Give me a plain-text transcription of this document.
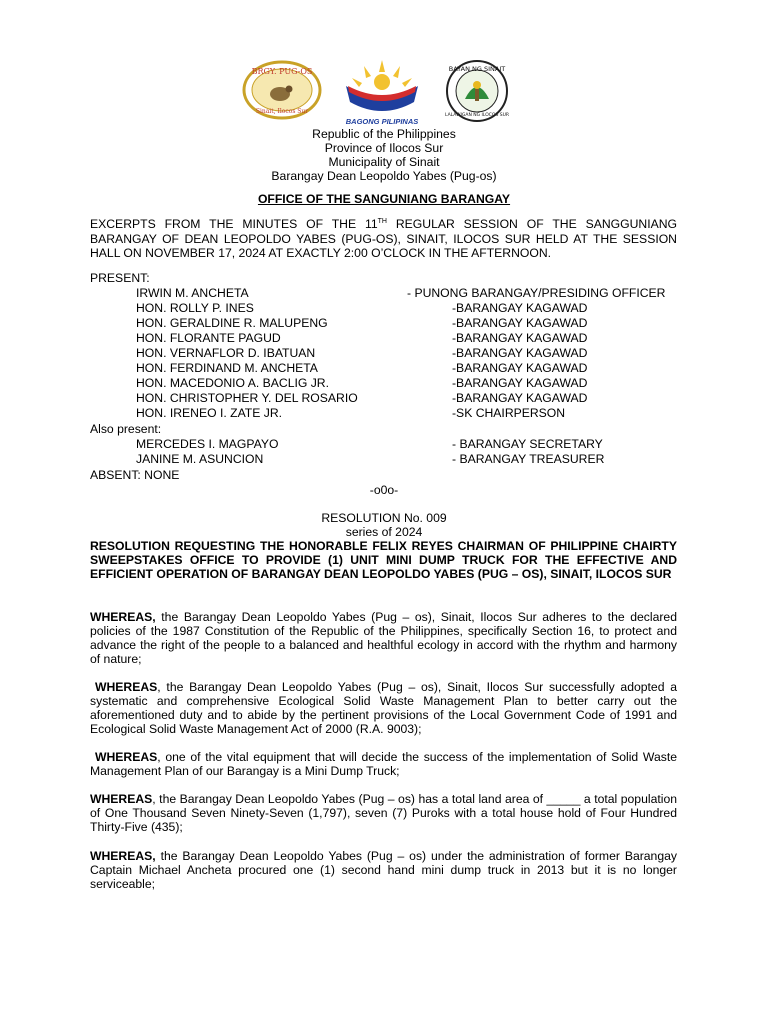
BRGY. PUG-OS
Sinait, Ilocos Sur
BAGONG PILIPINAS
BAYAN NG SINAIT
LALAWIGAN NG ILOCOS SUR
Republic of the Philippines
Province of Ilocos Sur
Municipality of Sinait
Barangay Dean Leopoldo Yabes (Pug-os)
OFFICE OF THE SANGUNIANG BARANGAY
EXCERPTS FROM THE MINUTES OF THE 11TH REGULAR SESSION OF THE SANGGUNIANG BARANGAY OF DEAN LEOPOLDO YABES (PUG-OS), SINAIT, ILOCOS SUR HELD AT THE SESSION HALL ON NOVEMBER 17, 2024 AT EXACTLY 2:00 O’CLOCK IN THE AFTERNOON.
PRESENT:
IRWIN M. ANCHETA	- PUNONG BARANGAY/PRESIDING OFFICER
HON. ROLLY P. INES	-BARANGAY KAGAWAD
HON. GERALDINE R. MALUPENG	-BARANGAY KAGAWAD
HON. FLORANTE PAGUD	-BARANGAY KAGAWAD
HON. VERNAFLOR D. IBATUAN	-BARANGAY KAGAWAD
HON. FERDINAND M. ANCHETA	-BARANGAY KAGAWAD
HON. MACEDONIO A. BACLIG JR.	-BARANGAY KAGAWAD
HON. CHRISTOPHER Y. DEL ROSARIO	-BARANGAY KAGAWAD
HON. IRENEO I. ZATE JR.	-SK CHAIRPERSON
Also present:
MERCEDES I. MAGPAYO	- BARANGAY SECRETARY
JANINE M. ASUNCION	- BARANGAY TREASURER
ABSENT: NONE
-o0o-
RESOLUTION No. 009
series of 2024
RESOLUTION REQUESTING THE HONORABLE FELIX REYES CHAIRMAN OF PHILIPPINE CHAIRTY SWEEPSTAKES OFFICE TO PROVIDE (1) UNIT MINI DUMP TRUCK FOR THE EFFECTIVE AND EFFICIENT OPERATION OF BARANGAY DEAN LEOPOLDO YABES (PUG – OS), SINAIT, ILOCOS SUR
WHEREAS, the Barangay Dean Leopoldo Yabes (Pug – os), Sinait, Ilocos Sur adheres to the declared policies of the 1987 Constitution of the Republic of the Philippines, specifically Section 16, to protect and advance the right of the people to a balanced and healthful ecology in accord with the rhythm and harmony of nature;
WHEREAS, the Barangay Dean Leopoldo Yabes (Pug – os), Sinait, Ilocos Sur successfully adopted a systematic and comprehensive Ecological Solid Waste Management Plan to better carry out the aforementioned duty and to abide by the pertinent provisions of the Local Government Code of 1991 and Ecological Solid Waste Management Act of 2000 (R.A. 9003);
WHEREAS, one of the vital equipment that will decide the success of the implementation of Solid Waste Management Plan of our Barangay is a Mini Dump Truck;
WHEREAS, the Barangay Dean Leopoldo Yabes (Pug – os) has a total land area of _____ a total population of One Thousand Seven Ninety-Seven (1,797), seven (7) Puroks with a total house hold of Four Hundred Thirty-Five (435);
WHEREAS, the Barangay Dean Leopoldo Yabes (Pug – os) under the administration of former Barangay Captain Michael Ancheta procured one (1) second hand mini dump truck in 2013 but it is no longer serviceable;
